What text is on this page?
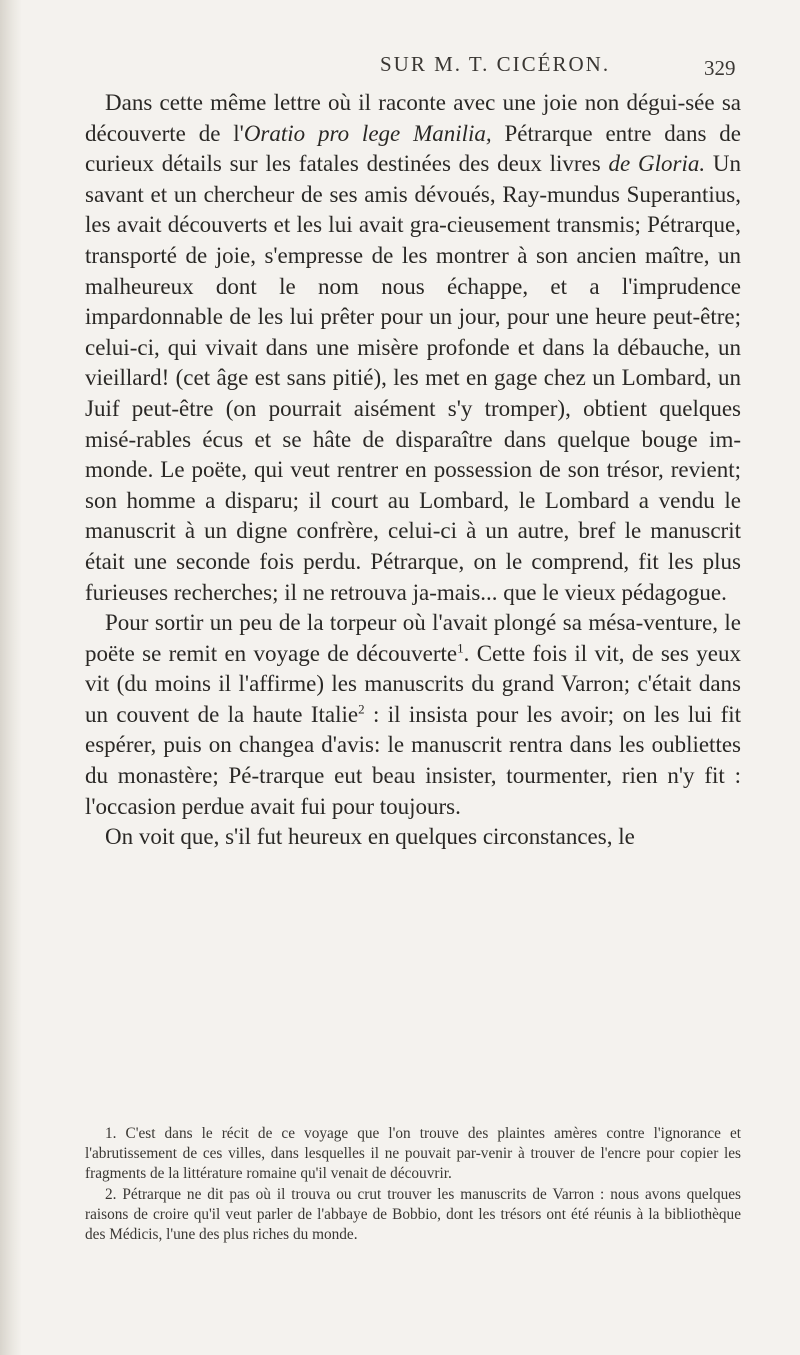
SUR M. T. CICÉRON.	329

Dans cette même lettre où il raconte avec une joie non dégui-sée sa découverte de l'Oratio pro lege Manilia, Pétrarque entre dans de curieux détails sur les fatales destinées des deux livres de Gloria. Un savant et un chercheur de ses amis dévoués, Ray-mundus Superantius, les avait découverts et les lui avait gra-cieusement transmis; Pétrarque, transporté de joie, s'empresse de les montrer à son ancien maître, un malheureux dont le nom nous échappe, et a l'imprudence impardonnable de les lui prêter pour un jour, pour une heure peut-être; celui-ci, qui vivait dans une misère profonde et dans la débauche, un vieillard! (cet âge est sans pitié), les met en gage chez un Lombard, un Juif peut-être (on pourrait aisément s'y tromper), obtient quelques misé-rables écus et se hâte de disparaître dans quelque bouge im-monde. Le poëte, qui veut rentrer en possession de son trésor, revient; son homme a disparu; il court au Lombard, le Lombard a vendu le manuscrit à un digne confrère, celui-ci à un autre, bref le manuscrit était une seconde fois perdu. Pétrarque, on le comprend, fit les plus furieuses recherches; il ne retrouva ja-mais... que le vieux pédagogue.

Pour sortir un peu de la torpeur où l'avait plongé sa mésa-venture, le poëte se remit en voyage de découverte$^1$. Cette fois il vit, de ses yeux vit (du moins il l'affirme) les manuscrits du grand Varron; c'était dans un couvent de la haute Italie$^2$ : il insista pour les avoir; on les lui fit espérer, puis on changea d'avis: le manuscrit rentra dans les oubliettes du monastère; Pé-trarque eut beau insister, tourmenter, rien n'y fit : l'occasion perdue avait fui pour toujours.

On voit que, s'il fut heureux en quelques circonstances, le

1. C'est dans le récit de ce voyage que l'on trouve des plaintes amères contre l'ignorance et l'abrutissement de ces villes, dans lesquelles il ne pouvait par-venir à trouver de l'encre pour copier les fragments de la littérature romaine qu'il venait de découvrir.

2. Pétrarque ne dit pas où il trouva ou crut trouver les manuscrits de Varron : nous avons quelques raisons de croire qu'il veut parler de l'abbaye de Bobbio, dont les trésors ont été réunis à la bibliothèque des Médicis, l'une des plus riches du monde.
